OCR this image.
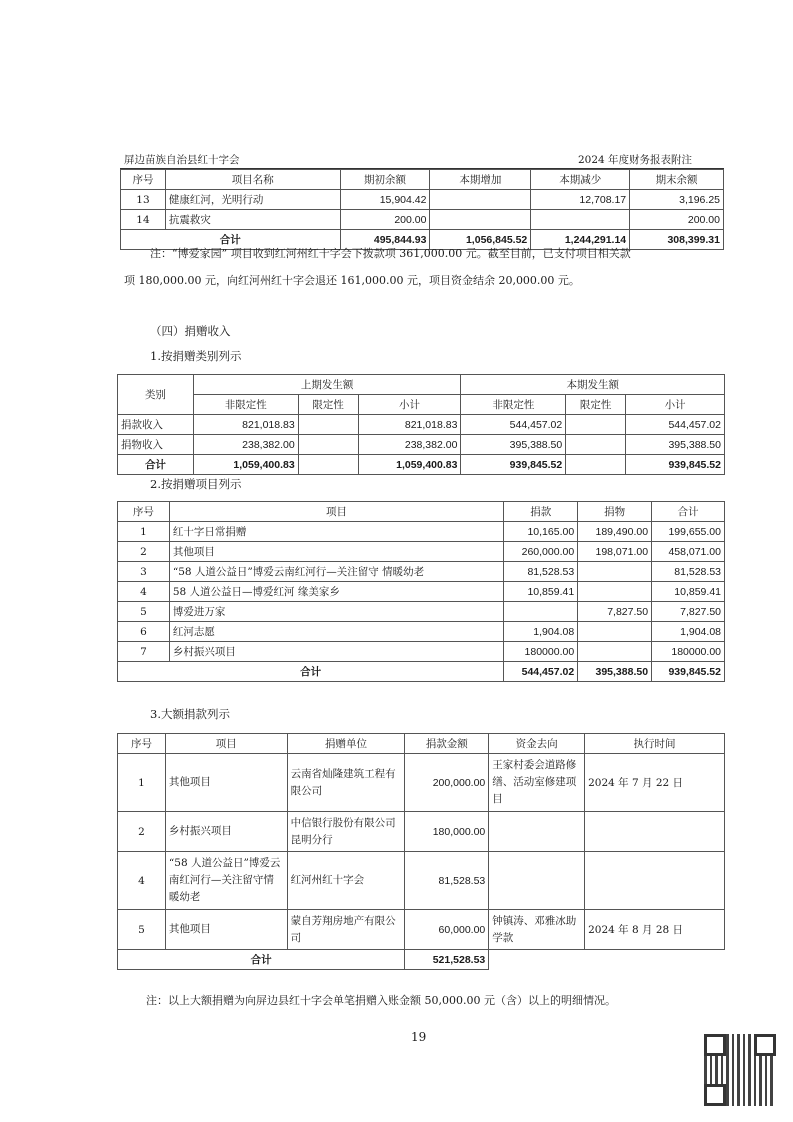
屏边苗族自治县红十字会	2024 年度财务报表附注
序号	项目名称	期初余额	本期增加	本期减少	期末余额
13	健康红河，光明行动	15,904.42		12,708.17	3,196.25
14	抗震救灾	200.00			200.00
合计		495,844.93	1,056,845.52	1,244,291.14	308,399.31
注：“博爱家园” 项目收到红河州红十字会下拨款项 361,000.00 元。截至目前，已支付项目相关款
项 180,000.00 元，向红河州红十字会退还 161,000.00 元，项目资金结余 20,000.00 元。
（四）捐赠收入
1.按捐赠类别列示
类别	上期发生额			本期发生额		
	非限定性	限定性	小计	非限定性	限定性	小计
捐款收入	821,018.83		821,018.83	544,457.02		544,457.02
捐物收入	238,382.00		238,382.00	395,388.50		395,388.50
合计	1,059,400.83		1,059,400.83	939,845.52		939,845.52
2.按捐赠项目列示
序号	项目	捐款	捐物	合计
1	红十字日常捐赠	10,165.00	189,490.00	199,655.00
2	其他项目	260,000.00	198,071.00	458,071.00
3	“58 人道公益日”博爱云南红河行—关注留守 情暖幼老	81,528.53		81,528.53
4	58 人道公益日—博爱红河 缘美家乡	10,859.41		10,859.41
5	博爱进万家		7,827.50	7,827.50
6	红河志愿	1,904.08		1,904.08
7	乡村振兴项目	180000.00		180000.00
合计		544,457.02	395,388.50	939,845.52
3.大额捐款列示
序号	项目	捐赠单位	捐款金额	资金去向	执行时间
1	其他项目	云南省灿隆建筑工程有限公司	200,000.00	王家村委会道路修缮、活动室修建项目	2024 年 7 月 22 日
2	乡村振兴项目	中信银行股份有限公司昆明分行	180,000.00		
4	“58 人道公益日”博爱云南红河行—关注留守情暖幼老	红河州红十字会	81,528.53		
5	其他项目	蒙自芳翔房地产有限公司	60,000.00	钟镇涛、邓雅冰助学款	2024 年 8 月 28 日
合计			521,528.53		
注：以上大额捐赠为向屏边县红十字会单笔捐赠入账金额 50,000.00 元（含）以上的明细情况。
19
